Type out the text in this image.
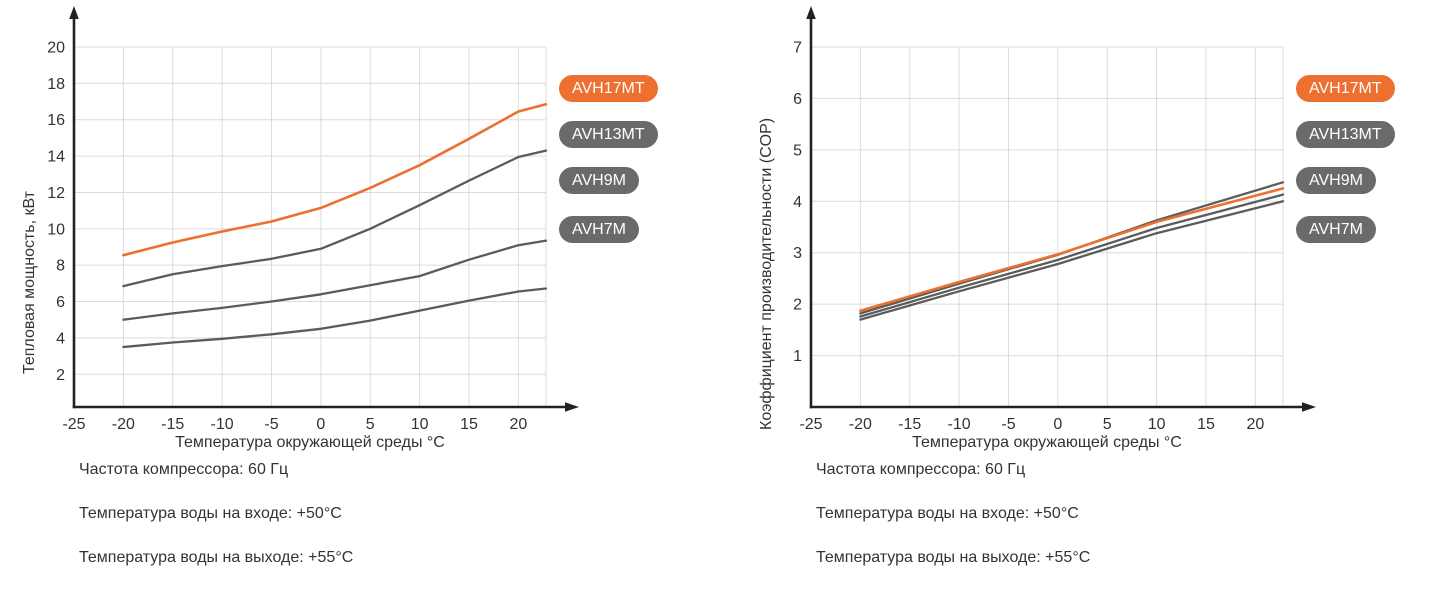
Тепловая мощность, кВт
-25 -20 -15 -10 -5 0	5 10 15 20
2
4
6
8
10
12
14
16
18
20
Температура окружающей среды °C
AVH17MT
AVH13MT
AVH9M
AVH7M
Частота компрессора: 60 Гц
Температура воды на входе: +50°C
Температура воды на выходе: +55°C
Коэффициент производительности (COP) -25 -20 -15 -10 -5 0	5 10 15 20
1
2
3
4
5
6
7
Температура окружающей среды °C
AVH17MT
AVH13MT
AVH9M
AVH7M
Частота компрессора: 60 Гц
Температура воды на входе: +50°C
Температура воды на выходе: +55°C
